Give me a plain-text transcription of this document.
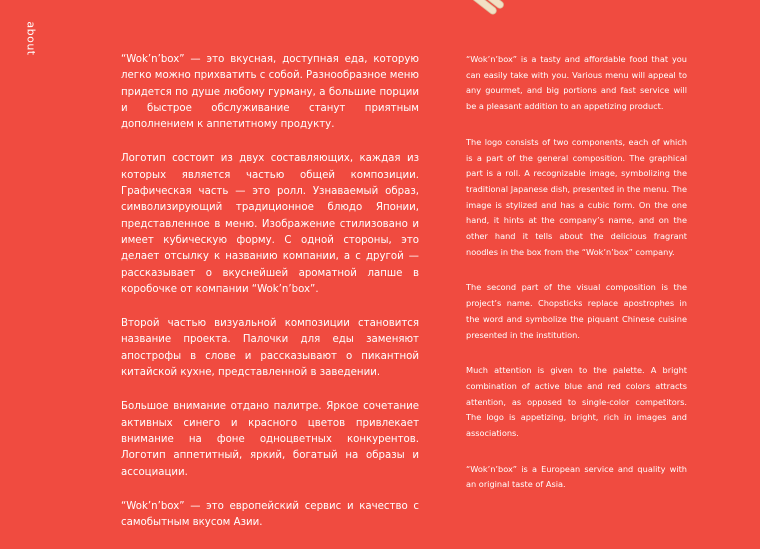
about

“Wok’n’box” — это вкусная, доступная еда, которую легко можно прихватить с собой. Разнообразное меню придется по душе любому гурману, а большие порции и быстрое обслуживание станут приятным дополнением к аппетитному продукту.

Логотип состоит из двух составляющих, каждая из которых является частью общей композиции. Графическая часть — это ролл. Узнаваемый образ, символизирующий традиционное блюдо Японии, представленное в меню. Изображение стилизовано и имеет кубическую форму. С одной стороны, это делает отсылку к названию компании, а с другой — рассказывает о вкуснейшей ароматной лапше в коробочке от компании “Wok’n’box”.

Второй частью визуальной композиции становится название проекта. Палочки для еды заменяют апострофы в слове и рассказывают о пикантной китайской кухне, представленной в заведении.

Большое внимание отдано палитре. Яркое сочетание активных синего и красного цветов привлекает внимание на фоне одноцветных конкурентов. Логотип аппетитный, яркий, богатый на образы и ассоциации.

“Wok’n’box” — это европейский сервис и качество с самобытным вкусом Азии.

“Wok’n’box” is a tasty and affordable food that you can easily take with you. Various menu will appeal to any gourmet, and big portions and fast service will be a pleasant addition to an appetizing product.

The logo consists of two components, each of which is a part of the general composition. The graphical part is a roll. A recognizable image, symbolizing the traditional Japanese dish, presented in the menu. The image is stylized and has a cubic form. On the one hand, it hints at the company’s name, and on the other hand it tells about the delicious fragrant noodles in the box from the “Wok’n’box” company.

The second part of the visual composition is the project’s name. Chopsticks replace apostrophes in the word and symbolize the piquant Chinese cuisine presented in the institution.

Much attention is given to the palette. A bright combination of active blue and red colors attracts attention, as opposed to single-color competitors. The logo is appetizing, bright, rich in images and associations.

“Wok’n’box” is a European service and quality with an original taste of Asia.
